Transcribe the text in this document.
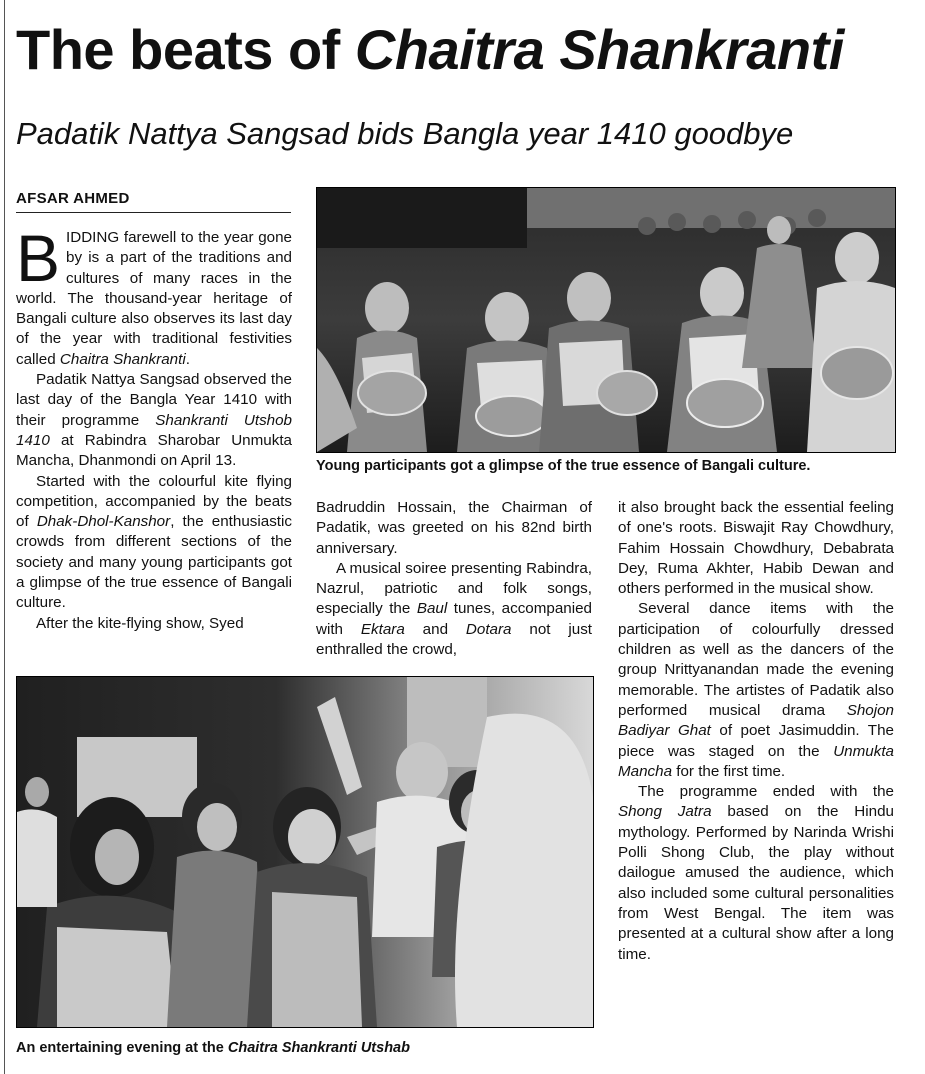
The beats of Chaitra Shankranti
Padatik Nattya Sangsad bids Bangla year 1410 goodbye
AFSAR AHMED

BIDDING farewell to the year gone by is a part of the traditions and cultures of many races in the world. The thousand-year heritage of Bangali culture also observes its last day of the year with traditional festivities called Chaitra Shankranti.

Padatik Nattya Sangsad observed the last day of the Bangla Year 1410 with their programme Shankranti Utshob 1410 at Rabindra Sharobar Unmukta Mancha, Dhanmondi on April 13.

Started with the colourful kite flying competition, accompanied by the beats of Dhak-Dhol-Kanshor, the enthusiastic crowds from different sections of the society and many young participants got a glimpse of the true essence of Bangali culture.

After the kite-flying show, Syed

Young participants got a glimpse of the true essence of Bangali culture.

Badruddin Hossain, the Chairman of Padatik, was greeted on his 82nd birth anniversary.

A musical soiree presenting Rabindra, Nazrul, patriotic and folk songs, especially the Baul tunes, accompanied with Ektara and Dotara not just enthralled the crowd,

it also brought back the essential feeling of one's roots. Biswajit Ray Chowdhury, Fahim Hossain Chowdhury, Debabrata Dey, Ruma Akhter, Habib Dewan and others performed in the musical show.

Several dance items with the participation of colourfully dressed children as well as the dancers of the group Nrittyanandan made the evening memorable. The artistes of Padatik also performed musical drama Shojon Badiyar Ghat of poet Jasimuddin. The piece was staged on the Unmukta Mancha for the first time.

The programme ended with the Shong Jatra based on the Hindu mythology. Performed by Narinda Wrishi Polli Shong Club, the play without dailogue amused the audience, which also included some cultural personalities from West Bengal. The item was presented at a cultural show after a long time.

An entertaining evening at the Chaitra Shankranti Utshab
